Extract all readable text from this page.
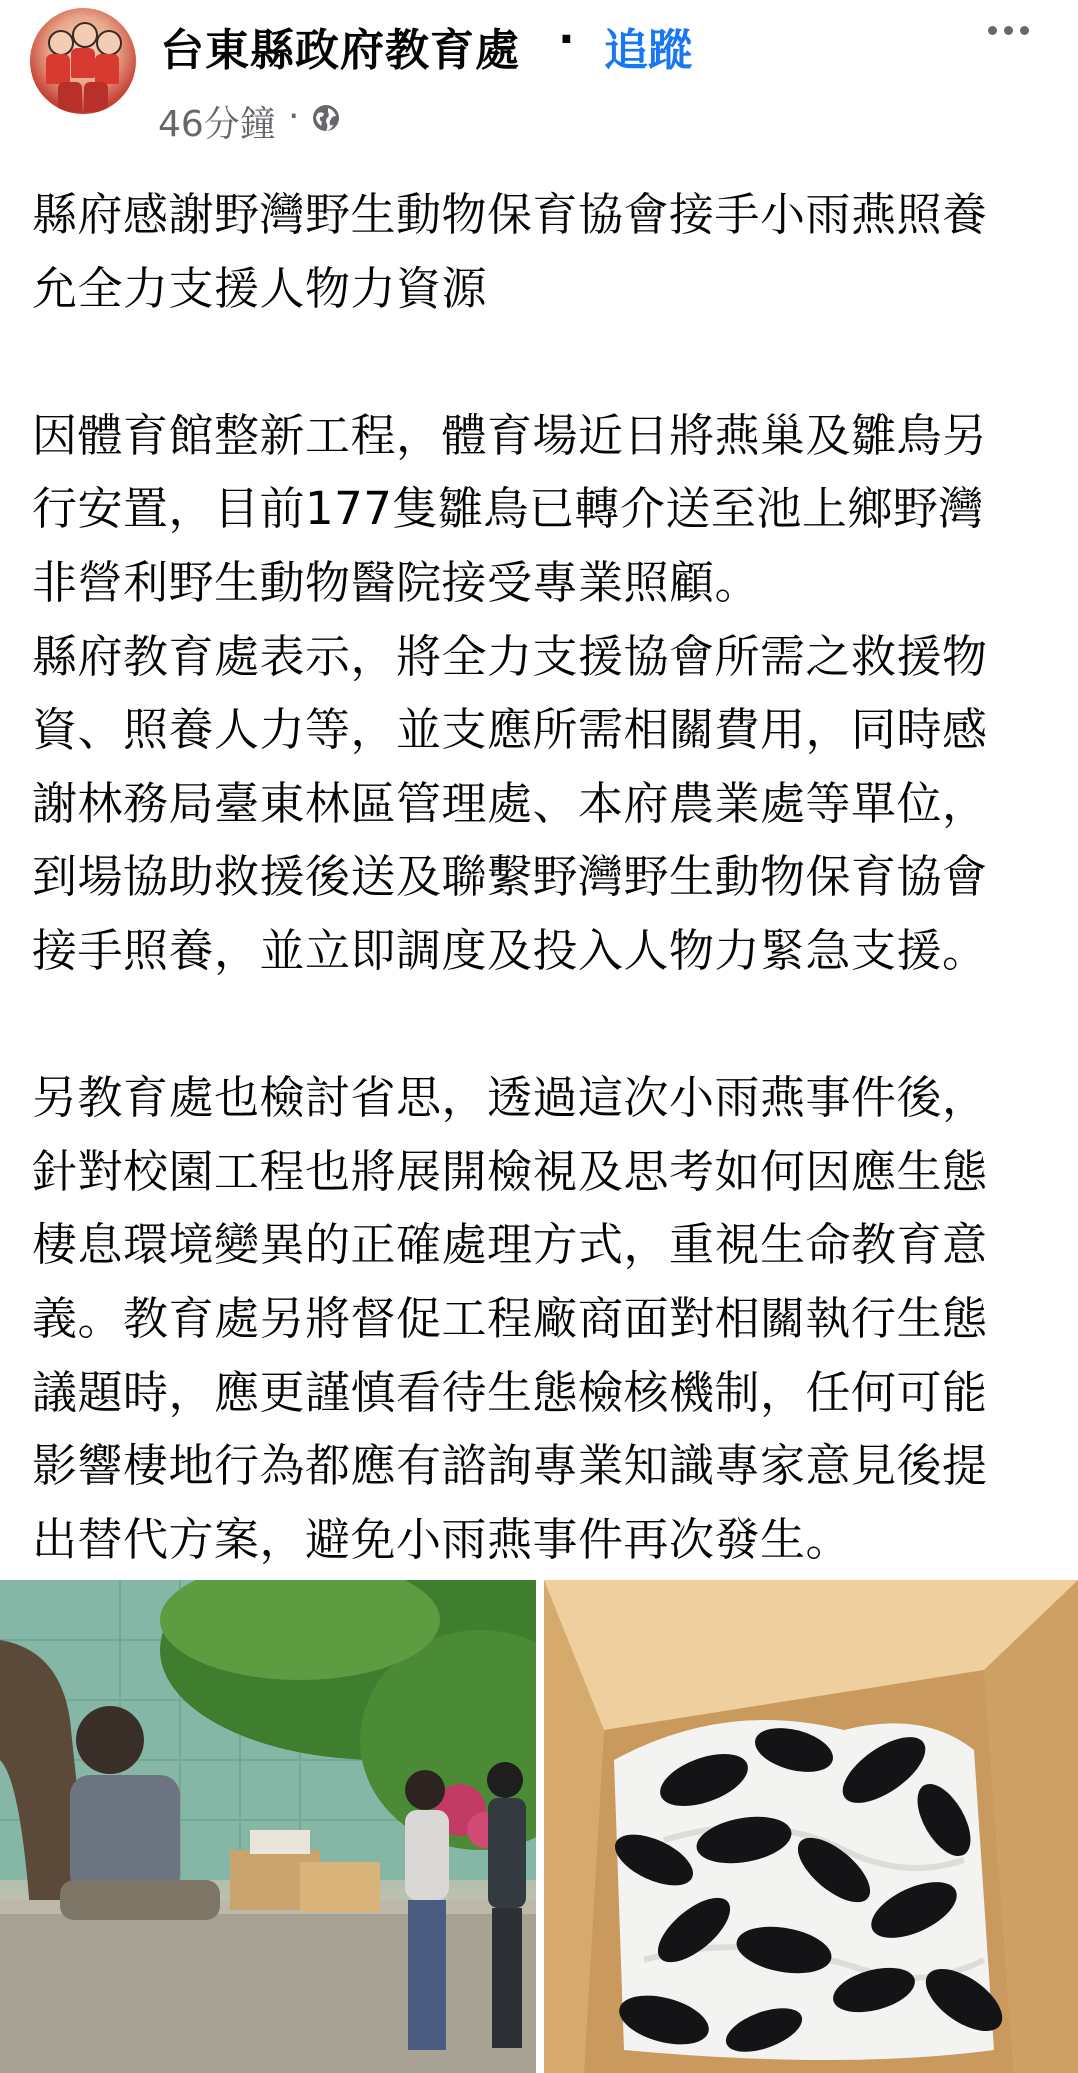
台東縣政府教育處 · 追蹤
46分鐘 ·

縣府感謝野灣野生動物保育協會接手小雨燕照養
允全力支援人物力資源

因體育館整新工程，體育場近日將燕巢及雛鳥另
行安置，目前177隻雛鳥已轉介送至池上鄉野灣
非營利野生動物醫院接受專業照顧。
縣府教育處表示，將全力支援協會所需之救援物
資、照養人力等，並支應所需相關費用，同時感
謝林務局臺東林區管理處、本府農業處等單位，
到場協助救援後送及聯繫野灣野生動物保育協會
接手照養，並立即調度及投入人物力緊急支援。

另教育處也檢討省思，透過這次小雨燕事件後，
針對校園工程也將展開檢視及思考如何因應生態
棲息環境變異的正確處理方式，重視生命教育意
義。教育處另將督促工程廠商面對相關執行生態
議題時，應更謹慎看待生態檢核機制，任何可能
影響棲地行為都應有諮詢專業知識專家意見後提
出替代方案，避免小雨燕事件再次發生。
